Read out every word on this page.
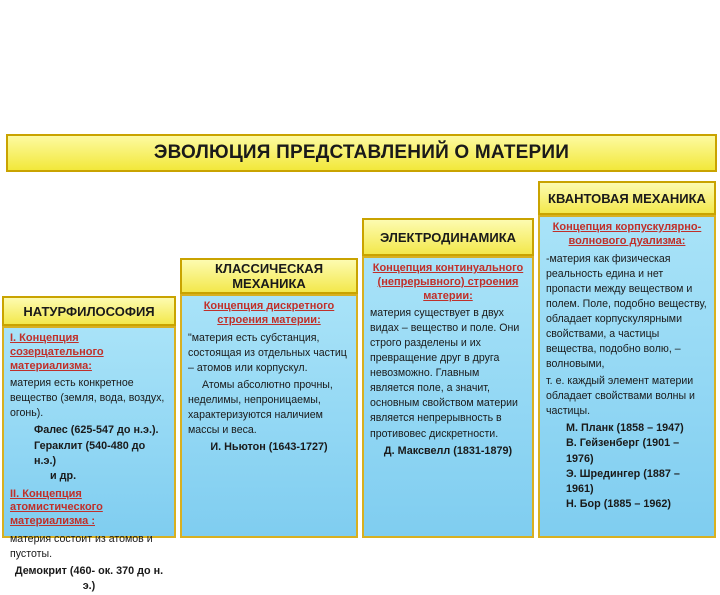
ЭВОЛЮЦИЯ ПРЕДСТАВЛЕНИЙ О МАТЕРИИ
НАТУРФИЛОСОФИЯ
I. Концепция созерцательного материализма:
материя есть конкретное вещество (земля, вода, воздух, огонь).
Фалес (625-547 до н.э.).
Гераклит (540-480 до н.э.)
и др.
II. Концепция атомистического материализма :
материя состоит из атомов и пустоты.
Демокрит (460- ок. 370 до н. э.)
КЛАССИЧЕСКАЯ МЕХАНИКА
Концепция дискретного строения материи:
"материя есть субстанция, состоящая из отдельных частиц – атомов или корпускул.
Атомы абсолютно прочны, неделимы, непроницаемы, характеризуются наличием массы и веса.
И. Ньютон (1643-1727)
ЭЛЕКТРОДИНАМИКА
Концепция континуального (непрерывного) строения материи:
материя существует в двух видах – вещество и поле. Они строго разделены и их превращение друг в друга невозможно. Главным является поле, а значит, основным свойством материи является непрерывность в противовес дискретности.
Д. Максвелл (1831-1879)
КВАНТОВАЯ МЕХАНИКА
Концепция корпускулярно-волнового дуализма:
-материя как физическая реальность едина и нет пропасти между веществом и полем. Поле, подобно веществу, обладает корпускулярными свойствами, а частицы вещества, подобно волю, – волновыми,
т. е. каждый элемент материи обладает свойствами волны и частицы.
М. Планк (1858 – 1947)
В. Гейзенберг (1901 – 1976)
Э. Шредингер (1887 – 1961)
Н. Бор (1885 – 1962)
